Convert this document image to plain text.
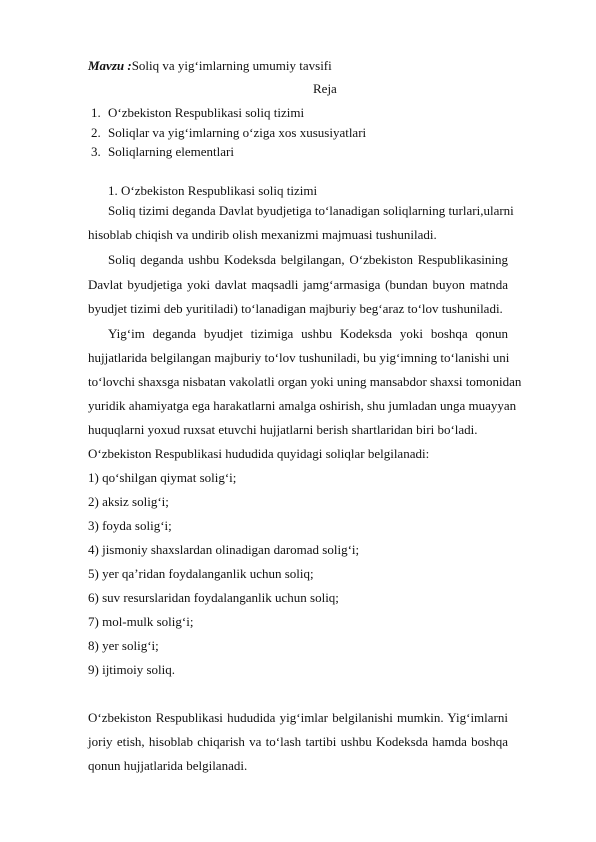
Mavzu :Soliq va yig‘imlarning umumiy tavsifi
Reja
1. O‘zbekiston Respublikasi soliq tizimi
2. Soliqlar va yig‘imlarning o‘ziga xos xususiyatlari
3. Soliqlarning elementlari
1. O‘zbekiston Respublikasi soliq tizimi
Soliq tizimi deganda Davlat byudjetiga to‘lanadigan soliqlarning turlari,ularni
hisoblab chiqish va undirib olish mexanizmi majmuasi tushuniladi.
Soliq deganda ushbu Kodeksda belgilangan, O‘zbekiston Respublikasining
Davlat byudjetiga yoki davlat maqsadli jamg‘armasiga (bundan buyon matnda
byudjet tizimi deb yuritiladi) to‘lanadigan majburiy beg‘araz to‘lov tushuniladi.
Yig‘im deganda byudjet tizimiga ushbu Kodeksda yoki boshqa qonun
hujjatlarida belgilangan majburiy to‘lov tushuniladi, bu yig‘imning to‘lanishi uni
to‘lovchi shaxsga nisbatan vakolatli organ yoki uning mansabdor shaxsi tomonidan
yuridik ahamiyatga ega harakatlarni amalga oshirish, shu jumladan unga muayyan
huquqlarni yoxud ruxsat etuvchi hujjatlarni berish shartlaridan biri bo‘ladi.
O‘zbekiston Respublikasi hududida quyidagi soliqlar belgilanadi:
1) qo‘shilgan qiymat solig‘i;
2) aksiz solig‘i;
3) foyda solig‘i;
4) jismoniy shaxslardan olinadigan daromad solig‘i;
5) yer qa’ridan foydalanganlik uchun soliq;
6) suv resurslaridan foydalanganlik uchun soliq;
7) mol-mulk solig‘i;
8) yer solig‘i;
9) ijtimoiy soliq.
O‘zbekiston Respublikasi hududida yig‘imlar belgilanishi mumkin. Yig‘imlarni
joriy etish, hisoblab chiqarish va to‘lash tartibi ushbu Kodeksda hamda boshqa
qonun hujjatlarida belgilanadi.
